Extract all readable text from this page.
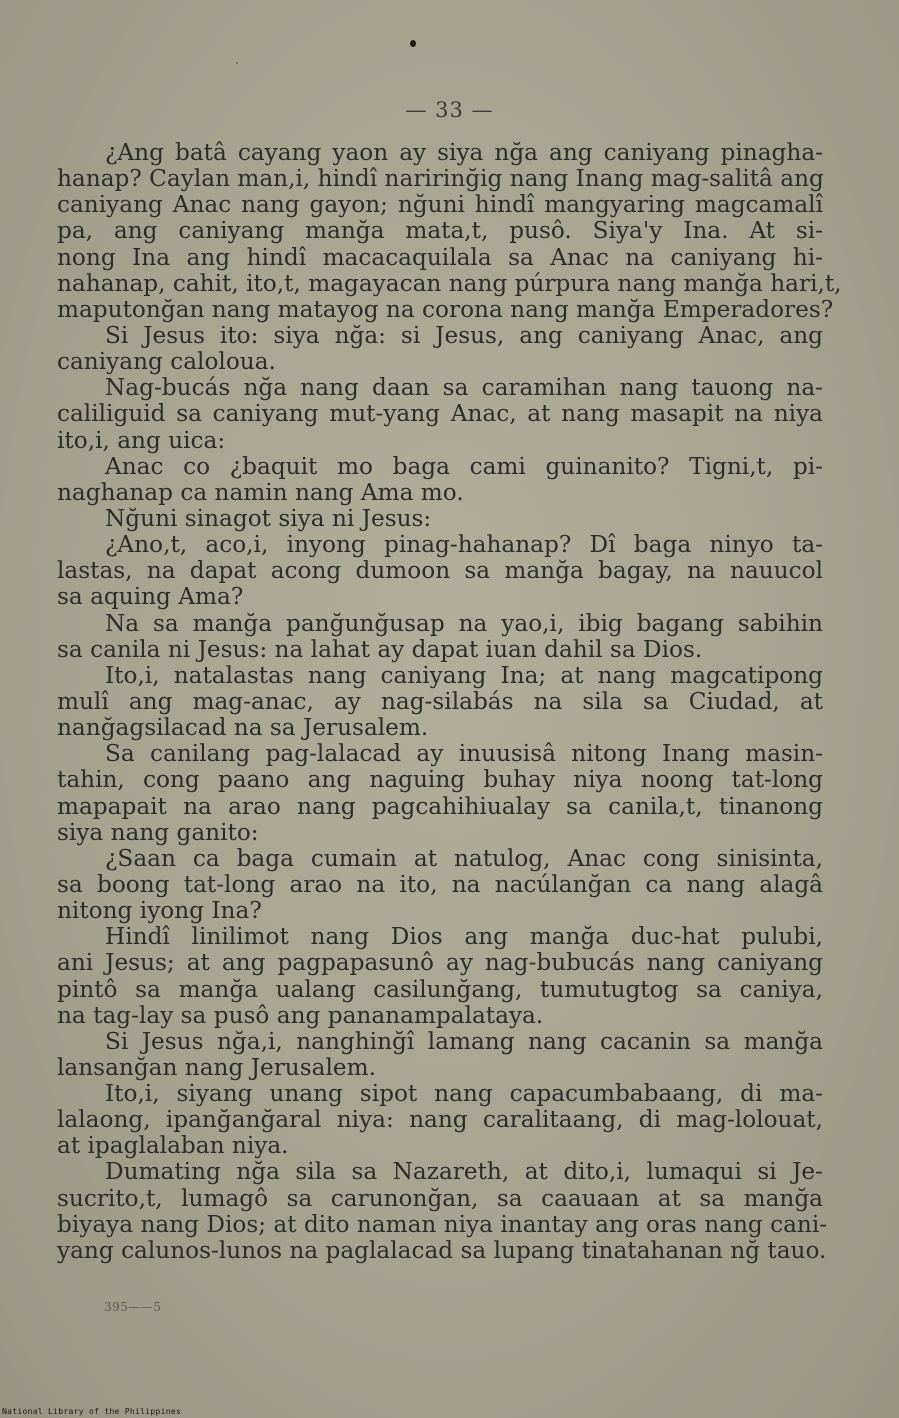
— 33 —
¿Ang batâ cayang yaon ay siya nğa ang caniyang pinagha-
hanap? Caylan man,i, hindî naririnğig nang Inang mag-salitâ ang
caniyang Anac nang gayon; nğuni hindî mangyaring magcamalî
pa, ang caniyang manğa mata,t, pusô. Siya'y Ina. At si-
nong Ina ang hindî macacaquilala sa Anac na caniyang hi-
nahanap, cahit, ito,t, magayacan nang púrpura nang manğa hari,t,
maputonğan nang matayog na corona nang manğa Emperadores?
Si Jesus ito: siya nğa: si Jesus, ang caniyang Anac, ang
caniyang caloloua.
Nag-bucás nğa nang daan sa caramihan nang tauong na-
caliliguid sa caniyang mut-yang Anac, at nang masapit na niya
ito,i, ang uica:
Anac co ¿baquit mo baga cami guinanito? Tigni,t, pi-
naghanap ca namin nang Ama mo.
Nğuni sinagot siya ni Jesus:
¿Ano,t, aco,i, inyong pinag-hahanap? Dî baga ninyo ta-
lastas, na dapat acong dumoon sa manğa bagay, na nauucol
sa aquing Ama?
Na sa manğa panğunğusap na yao,i, ibig bagang sabihin
sa canila ni Jesus: na lahat ay dapat iuan dahil sa Dios.
Ito,i, natalastas nang caniyang Ina; at nang magcatipong
mulî ang mag-anac, ay nag-silabás na sila sa Ciudad, at
nanğagsilacad na sa Jerusalem.
Sa canilang pag-lalacad ay inuusisâ nitong Inang masin-
tahin, cong paano ang naguing buhay niya noong tat-long
mapapait na arao nang pagcahihiualay sa canila,t, tinanong
siya nang ganito:
¿Saan ca baga cumain at natulog, Anac cong sinisinta,
sa boong tat-long arao na ito, na nacúlanğan ca nang alagâ
nitong iyong Ina?
Hindî linilimot nang Dios ang manğa duc-hat pulubi,
ani Jesus; at ang pagpapasunô ay nag-bubucás nang caniyang
pintô sa manğa ualang casilunğang, tumutugtog sa caniya,
na tag-lay sa pusô ang pananampalataya.
Si Jesus nğa,i, nanghinğî lamang nang cacanin sa manğa
lansanğan nang Jerusalem.
Ito,i, siyang unang sipot nang capacumbabaang, di ma-
lalaong, ipanğanğaral niya: nang caralitaang, di mag-lolouat,
at ipaglalaban niya.
Dumating nğa sila sa Nazareth, at dito,i, lumaqui si Je-
sucrito,t, lumagô sa carunonğan, sa caauaan at sa manğa
biyaya nang Dios; at dito naman niya inantay ang oras nang cani-
yang calunos-lunos na paglalacad sa lupang tinatahanan nğ tauo.
395——5
National Library of the Philippines
